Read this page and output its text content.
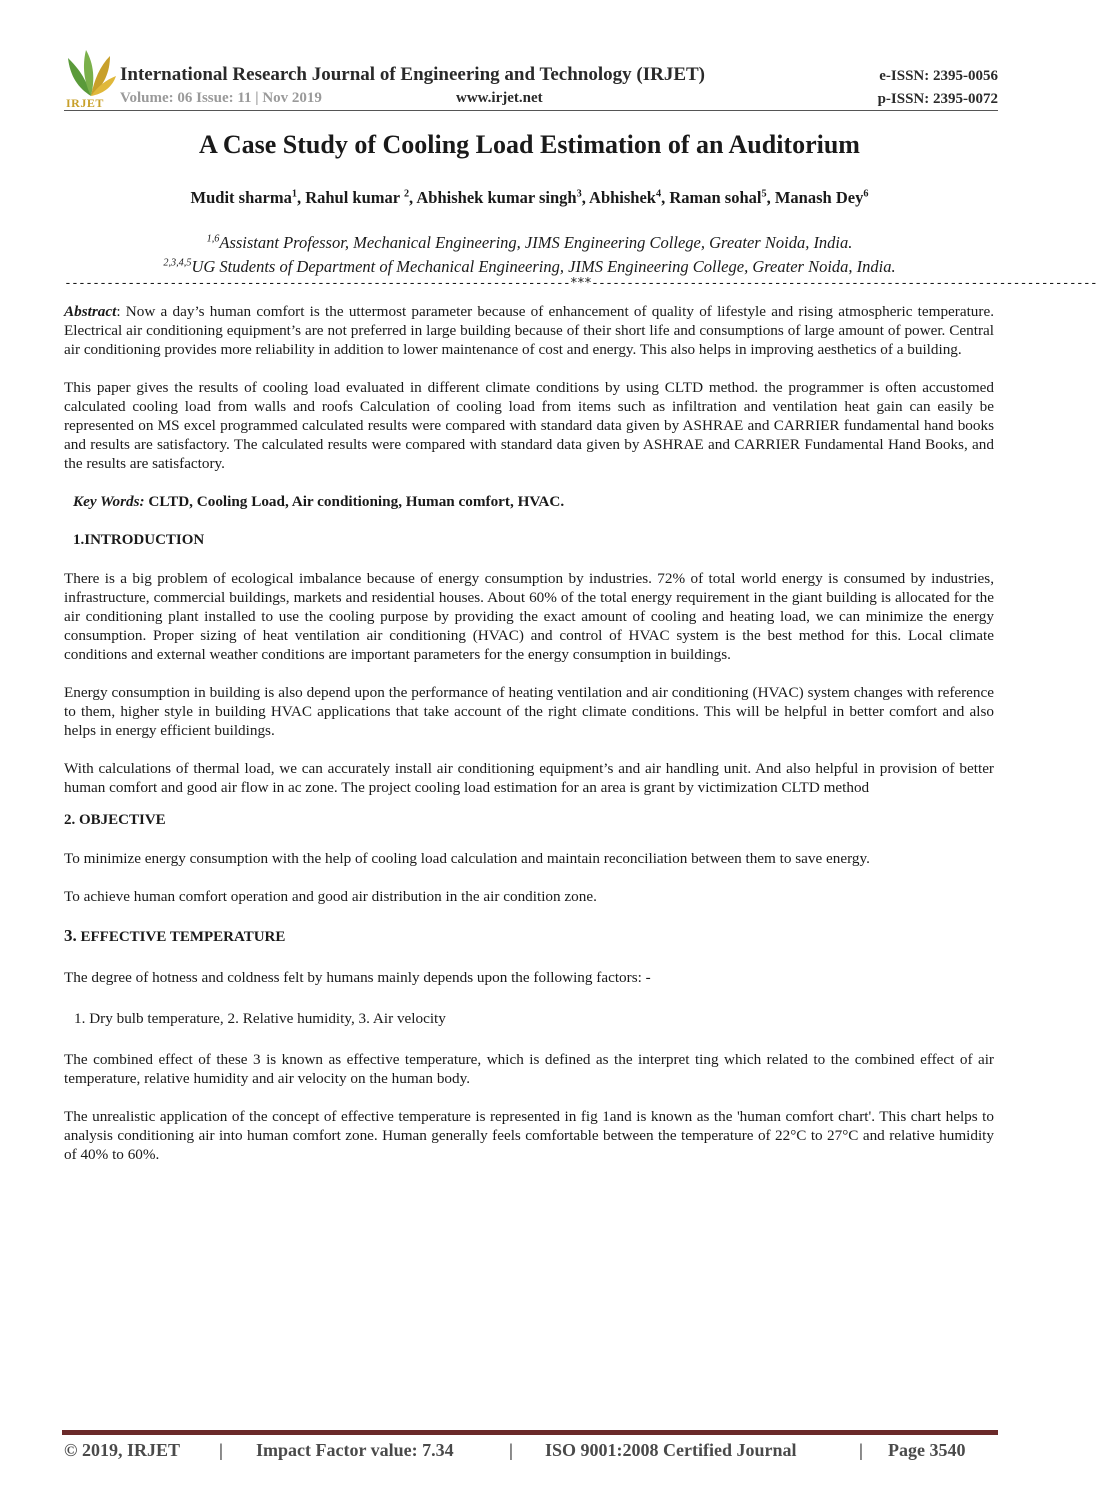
IRJET
International Research Journal of Engineering and Technology (IRJET)
Volume: 06 Issue: 11 | Nov 2019	www.irjet.net
e-ISSN: 2395-0056
p-ISSN: 2395-0072
A Case Study of Cooling Load Estimation of an Auditorium
Mudit sharma$^1$, Rahul kumar $^2$, Abhishek kumar singh$^3$, Abhishek$^4$, Raman sohal$^5$, Manash Dey$^6$
$^{1,6}$Assistant Professor, Mechanical Engineering, JIMS Engineering College, Greater Noida, India.
$^{2,3,4,5}$UG Students of Department of Mechanical Engineering, JIMS Engineering College, Greater Noida, India.
------------------------------------------------------------------------***------------------------------------------------------------------------

Abstract: Now a day’s human comfort is the uttermost parameter because of enhancement of quality of lifestyle and rising atmospheric temperature. Electrical air conditioning equipment’s are not preferred in large building because of their short life and consumptions of large amount of power. Central air conditioning provides more reliability in addition to lower maintenance of cost and energy. This also helps in improving aesthetics of a building.

This paper gives the results of cooling load evaluated in different climate conditions by using CLTD method. the programmer is often accustomed calculated cooling load from walls and roofs Calculation of cooling load from items such as infiltration and ventilation heat gain can easily be represented on MS excel programmed calculated results were compared with standard data given by ASHRAE and CARRIER fundamental hand books and results are satisfactory. The calculated results were compared with standard data given by ASHRAE and CARRIER Fundamental Hand Books, and the results are satisfactory.

Key Words: CLTD, Cooling Load, Air conditioning, Human comfort, HVAC.

1.INTRODUCTION

There is a big problem of ecological imbalance because of energy consumption by industries. 72% of total world energy is consumed by industries, infrastructure, commercial buildings, markets and residential houses. About 60% of the total energy requirement in the giant building is allocated for the air conditioning plant installed to use the cooling purpose by providing the exact amount of cooling and heating load, we can minimize the energy consumption. Proper sizing of heat ventilation air conditioning (HVAC) and control of HVAC system is the best method for this. Local climate conditions and external weather conditions are important parameters for the energy consumption in buildings.

Energy consumption in building is also depend upon the performance of heating ventilation and air conditioning (HVAC) system changes with reference to them, higher style in building HVAC applications that take account of the right climate conditions. This will be helpful in better comfort and also helps in energy efficient buildings.

With calculations of thermal load, we can accurately install air conditioning equipment’s and air handling unit. And also helpful in provision of better human comfort and good air flow in ac zone. The project cooling load estimation for an area is grant by victimization CLTD method

2. OBJECTIVE

To minimize energy consumption with the help of cooling load calculation and maintain reconciliation between them to save energy.

To achieve human comfort operation and good air distribution in the air condition zone.

3. EFFECTIVE TEMPERATURE

The degree of hotness and coldness felt by humans mainly depends upon the following factors: -

1. Dry bulb temperature, 2. Relative humidity, 3. Air velocity

The combined effect of these 3 is known as effective temperature, which is defined as the interpret ting which related to the combined effect of air temperature, relative humidity and air velocity on the human body.

The unrealistic application of the concept of effective temperature is represented in fig 1and is known as the 'human comfort chart'. This chart helps to analysis conditioning air into human comfort zone. Human generally feels comfortable between the temperature of 22°C to 27°C and relative humidity of 40% to 60%.

© 2019, IRJET | Impact Factor value: 7.34	| ISO 9001:2008 Certified Journal	| Page 3540
